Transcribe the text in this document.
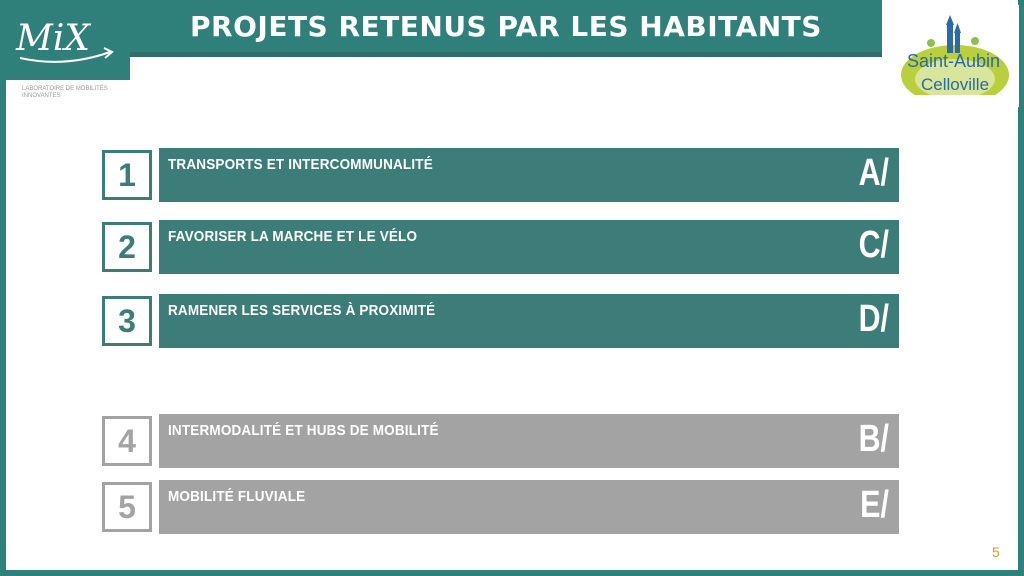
MiX
LABORATOIRE DE MOBILITÉS INNOVANTES
PROJETS RETENUS PAR LES HABITANTS
Saint-Aubin
Celloville
1	TRANSPORTS ET INTERCOMMUNALITÉ	A/
2	FAVORISER LA MARCHE ET LE VÉLO	C/
3	RAMENER LES SERVICES À PROXIMITÉ	D/
4	INTERMODALITÉ ET HUBS DE MOBILITÉ	B/
5	MOBILITÉ FLUVIALE	E/
5
